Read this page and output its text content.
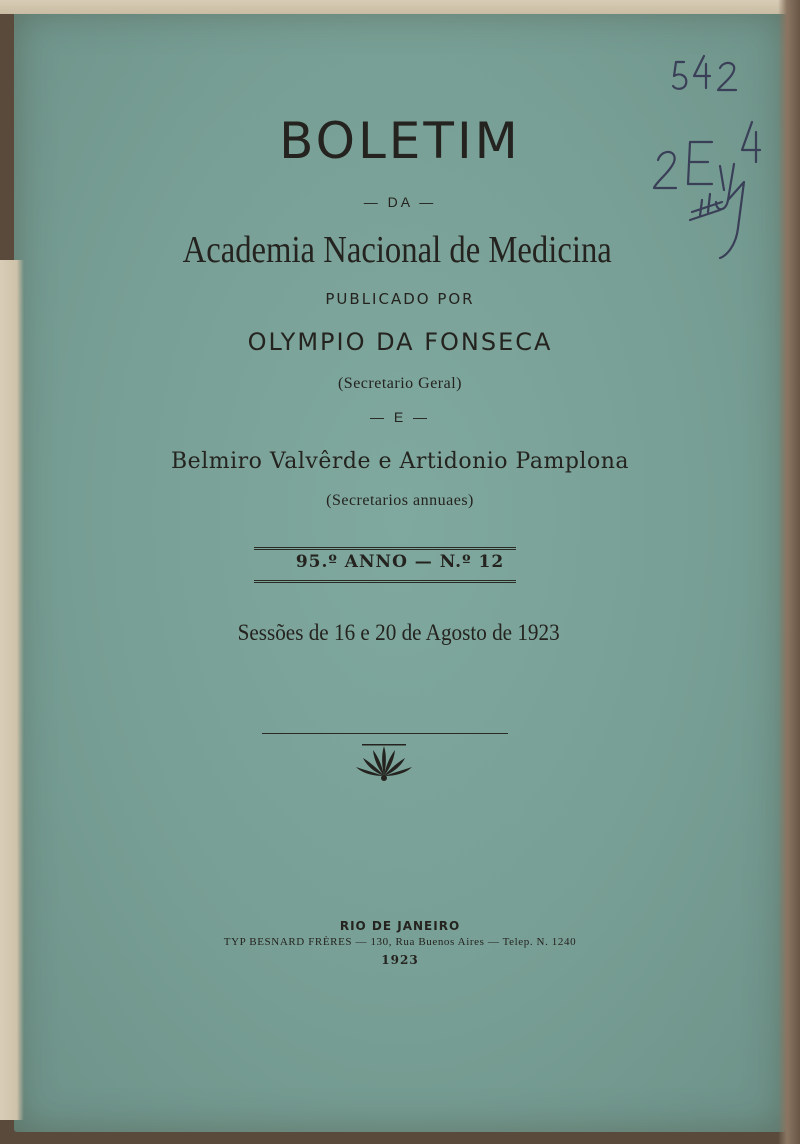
BOLETIM
— DA —
Academia Nacional de Medicina
PUBLICADO POR
OLYMPIO DA FONSECA
(Secretario Geral)
— E —
Belmiro Valvêrde e Artidonio Pamplona
(Secretarios annuaes)
95.º ANNO — N.º 12
Sessões de 16 e 20 de Agosto de 1923
RIO DE JANEIRO
TYP BESNARD FRÈRES — 130, Rua Buenos Aires — Telep. N. 1240
1923
